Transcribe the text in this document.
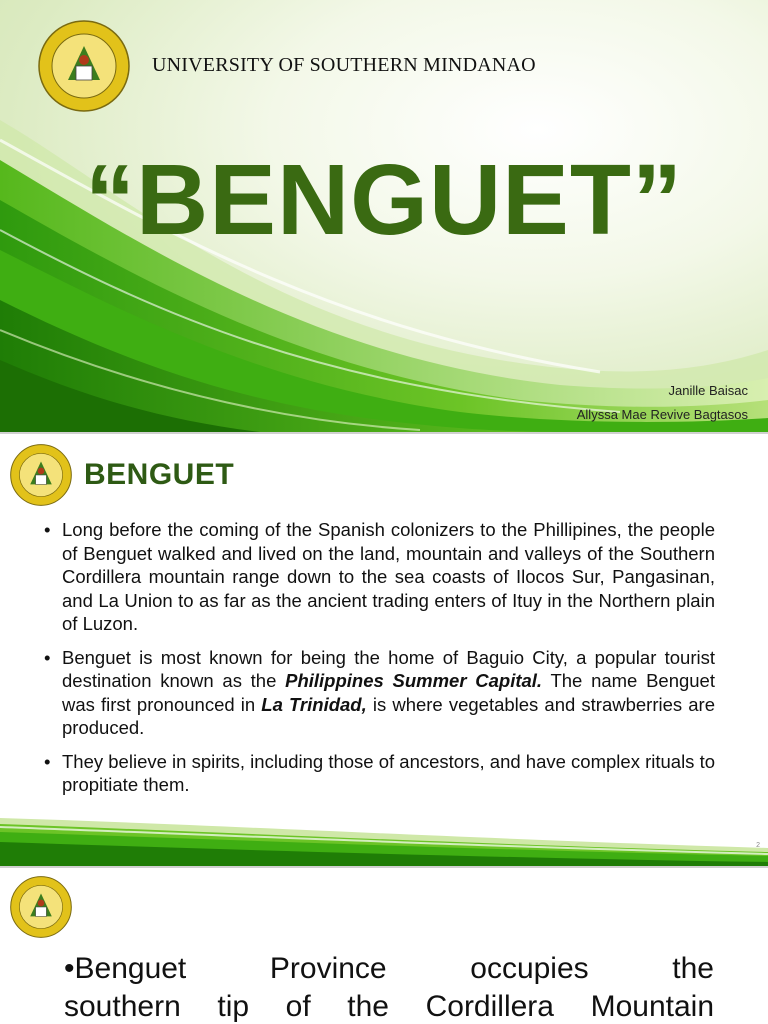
UNIVERSITY OF SOUTHERN MINDANAO
“BENGUET”
Janille Baisac
Allyssa Mae Revive Bagtasos
BENGUET
• Long before the coming of the Spanish colonizers to the Phillipines, the people of Benguet walked and lived on the land, mountain and valleys of the Southern Cordillera mountain range down to the sea coasts of Ilocos Sur, Pangasinan, and La Union to as far as the ancient trading enters of Ituy in the Northern plain of Luzon.
• Benguet is most known for being the home of Baguio City, a popular tourist destination known as the Philippines Summer Capital. The name Benguet was first pronounced in La Trinidad, is where vegetables and strawberries are produced.
• They believe in spirits, including those of ancestors, and have complex rituals to propitiate them.
2
•Benguet Province occupies the
southern tip of the Cordillera Mountain
